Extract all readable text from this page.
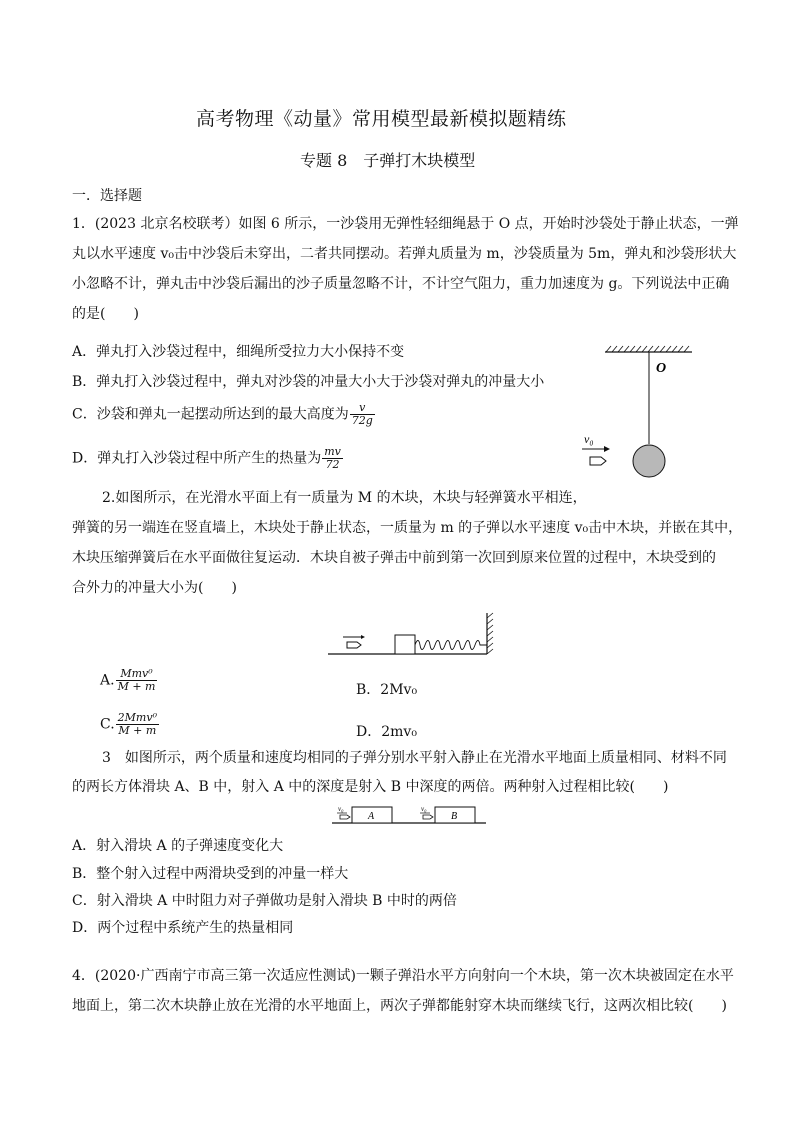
高考物理《动量》常用模型最新模拟题精练
专题 8　子弹打木块模型
一．选择题
1．(2023 北京名校联考）如图 6 所示，一沙袋用无弹性轻细绳悬于 O 点，开始时沙袋处于静止状态，一弹
丸以水平速度 v₀击中沙袋后未穿出，二者共同摆动。若弹丸质量为 m，沙袋质量为 5m，弹丸和沙袋形状大
小忽略不计，弹丸击中沙袋后漏出的沙子质量忽略不计，不计空气阻力，重力加速度为 g。下列说法中正确
的是(　　)
A．弹丸打入沙袋过程中，细绳所受拉力大小保持不变
B．弹丸打入沙袋过程中，弹丸对沙袋的冲量大小大于沙袋对弹丸的冲量大小
C．沙袋和弹丸一起摆动所达到的最大高度为 $\frac{v}{72g}$
D．弹丸打入沙袋过程中所产生的热量为 $\frac{mv}{72}$
O
v₀
2.如图所示，在光滑水平面上有一质量为 M 的木块，木块与轻弹簧水平相连，
弹簧的另一端连在竖直墙上，木块处于静止状态，一质量为 m 的子弹以水平速度 v₀击中木块，并嵌在其中，
木块压缩弹簧后在水平面做往复运动．木块自被子弹击中前到第一次回到原来位置的过程中，木块受到的
合外力的冲量大小为(　　)
A. $\frac{\text{Mmv⁰}}{M + m}$	B．2Mv₀
C. $\frac{\text{2Mmv⁰}}{M + m}$	D．2mv₀
3　如图所示，两个质量和速度均相同的子弹分别水平射入静止在光滑水平地面上质量相同、材料不同
的两长方体滑块 A、B 中，射入 A 中的深度是射入 B 中深度的两倍。两种射入过程相比较(　　)
A	B
v₀	v₀
A．射入滑块 A 的子弹速度变化大
B．整个射入过程中两滑块受到的冲量一样大
C．射入滑块 A 中时阻力对子弹做功是射入滑块 B 中时的两倍
D．两个过程中系统产生的热量相同
4．(2020·广西南宁市高三第一次适应性测试)一颗子弹沿水平方向射向一个木块，第一次木块被固定在水平
地面上，第二次木块静止放在光滑的水平地面上，两次子弹都能射穿木块而继续飞行，这两次相比较(　　)
